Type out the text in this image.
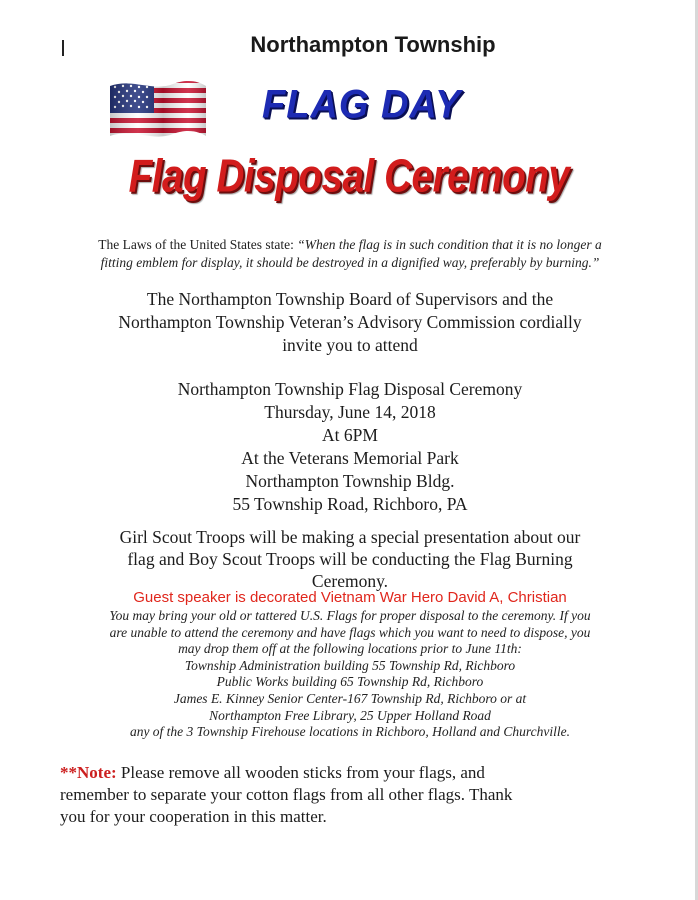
Northampton Township
FLAG DAY
Flag Disposal Ceremony
The Laws of the United States state: “When the flag is in such condition that it is no longer a
fitting emblem for display, it should be destroyed in a dignified way, preferably by burning.”
The Northampton Township Board of Supervisors and the
Northampton Township Veteran’s Advisory Commission cordially
invite you to attend
Northampton Township Flag Disposal Ceremony
Thursday, June 14, 2018
At 6PM
At the Veterans Memorial Park
Northampton Township Bldg.
55 Township Road, Richboro, PA
Girl Scout Troops will be making a special presentation about our
flag and Boy Scout Troops will be conducting the Flag Burning
Ceremony.
Guest speaker is decorated Vietnam War Hero David A, Christian
You may bring your old or tattered U.S. Flags for proper disposal to the ceremony. If you
are unable to attend the ceremony and have flags which you want to need to dispose, you
may drop them off at the following locations prior to June 11th:
Township Administration building 55 Township Rd, Richboro
Public Works building 65 Township Rd, Richboro
James E. Kinney Senior Center-167 Township Rd, Richboro or at
Northampton Free Library, 25 Upper Holland Road
any of the 3 Township Firehouse locations in Richboro, Holland and Churchville.
**Note: Please remove all wooden sticks from your flags, and
remember to separate your cotton flags from all other flags. Thank
you for your cooperation in this matter.
